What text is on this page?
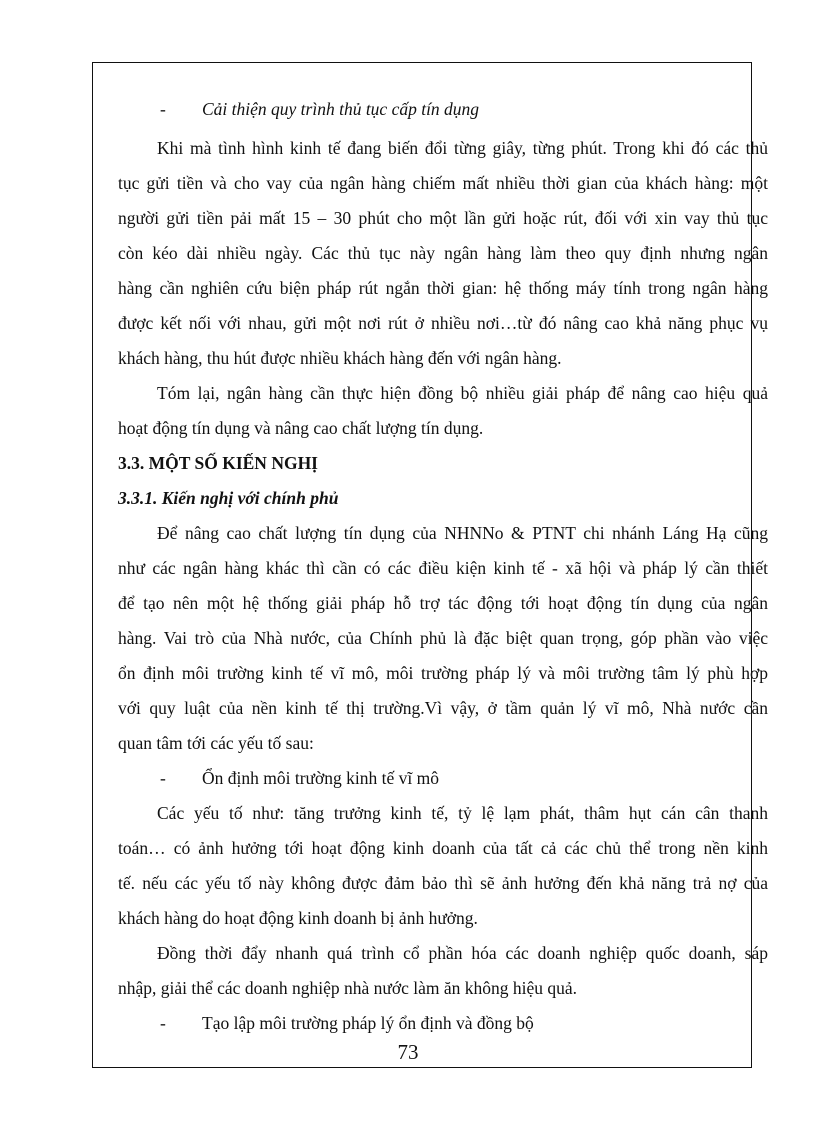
- Cải thiện quy trình thủ tục cấp tín dụng
Khi mà tình hình kinh tế đang biến đổi từng giây, từng phút. Trong khi đó các thủ
tục gửi tiền và cho vay của ngân hàng chiếm mất nhiều thời gian của khách hàng: một
người gửi tiền pải mất 15 – 30 phút cho một lần gửi hoặc rút, đối với xin vay thủ tục
còn kéo dài nhiều ngày. Các thủ tục này ngân hàng làm theo quy định nhưng ngân
hàng cần nghiên cứu biện pháp rút ngắn thời gian: hệ thống máy tính trong ngân hàng
được kết nối với nhau, gửi một nơi rút ở nhiều nơi…từ đó nâng cao khả năng phục vụ
khách hàng, thu hút được nhiều khách hàng đến với ngân hàng.
Tóm lại, ngân hàng cần thực hiện đồng bộ nhiều giải pháp để nâng cao hiệu quả
hoạt động tín dụng và nâng cao chất lượng tín dụng.
3.3. MỘT SỐ KIẾN NGHỊ
3.3.1. Kiến nghị với chính phủ
Để nâng cao chất lượng tín dụng của NHNNo & PTNT chi nhánh Láng Hạ cũng
như các ngân hàng khác thì cần có các điều kiện kinh tế - xã hội và pháp lý cần thiết
để tạo nên một hệ thống giải pháp hỗ trợ tác động tới hoạt động tín dụng của ngân
hàng. Vai trò của Nhà nước, của Chính phủ là đặc biệt quan trọng, góp phần vào việc
ổn định môi trường kinh tế vĩ mô, môi trường pháp lý và môi trường tâm lý phù hợp
với quy luật của nền kinh tế thị trường.Vì vậy, ở tầm quản lý vĩ mô, Nhà nước cần
quan tâm tới các yếu tố sau:
- Ổn định môi trường kinh tế vĩ mô
Các yếu tố như: tăng trưởng kinh tế, tỷ lệ lạm phát, thâm hụt cán cân thanh
toán… có ảnh hưởng tới hoạt động kinh doanh của tất cả các chủ thể trong nền kinh
tế. nếu các yếu tố này không được đảm bảo thì sẽ ảnh hưởng đến khả năng trả nợ của
khách hàng do hoạt động kinh doanh bị ảnh hưởng.
Đồng thời đẩy nhanh quá trình cổ phần hóa các doanh nghiệp quốc doanh, sáp
nhập, giải thể các doanh nghiệp nhà nước làm ăn không hiệu quả.
- Tạo lập môi trường pháp lý ổn định và đồng bộ
73
